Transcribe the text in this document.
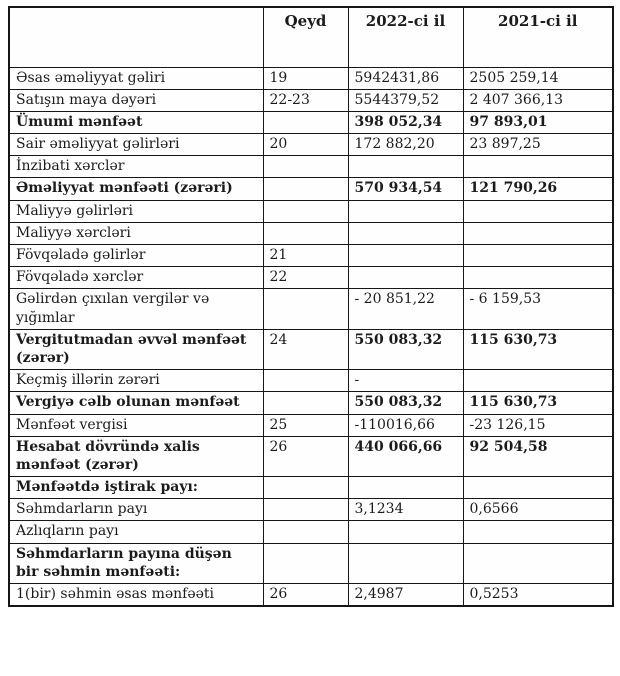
	Qeyd	2022-ci il	2021-ci il
Əsas əməliyyat gəliri	19	5942431,86	2505 259,14
Satışın maya dəyəri	22-23	5544379,52	2 407 366,13
Ümumi mənfəət		398 052,34	97 893,01
Sair əməliyyat gəlirləri	20	172 882,20	23 897,25
İnzibati xərclər			
Əməliyyat mənfəəti (zərəri)		570 934,54	121 790,26
Maliyyə gəlirləri			
Maliyyə xərcləri			
Fövqəladə gəlirlər	21		
Fövqəladə xərclər	22		
Gəlirdən çıxılan vergilər və yığımlar		- 20 851,22	- 6 159,53
Vergitutmadan əvvəl mənfəət (zərər)	24	550 083,32	115 630,73
Keçmiş illərin zərəri		-	
Vergiyə cəlb olunan mənfəət		550 083,32	115 630,73
Mənfəət vergisi	25	-110016,66	-23 126,15
Hesabat dövründə xalis mənfəət (zərər)	26	440 066,66	92 504,58
Mənfəətdə iştirak payı:			
Səhmdarların payı		3,1234	0,6566
Azlıqların payı			
Səhmdarların payına düşən bir səhmin mənfəəti:			
1(bir) səhmin əsas mənfəəti	26	2,4987	0,5253
